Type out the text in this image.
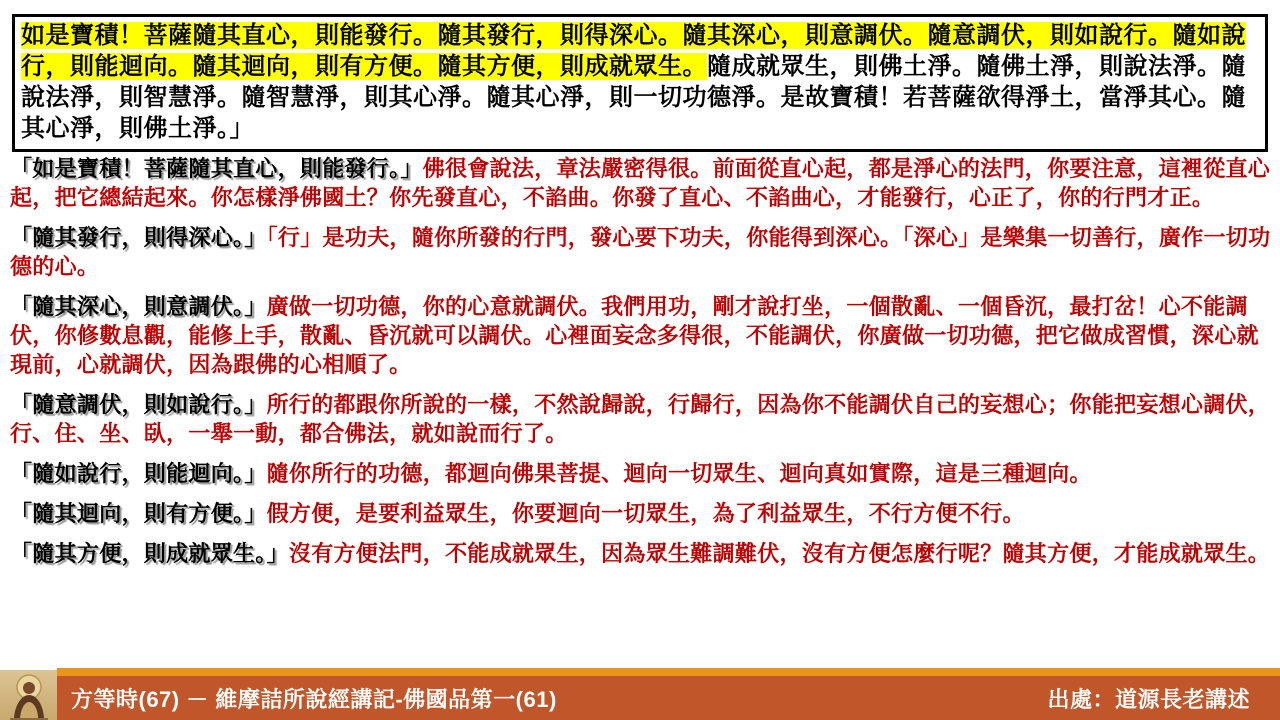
如是寶積！菩薩隨其直心，則能發行。隨其發行，則得深心。隨其深心，則意調伏。隨意調伏，則如說行。隨如說行，則能迴向。隨其迴向，則有方便。隨其方便，則成就眾生。隨成就眾生，則佛土淨。隨佛土淨，則說法淨。隨說法淨，則智慧淨。隨智慧淨，則其心淨。隨其心淨，則一切功德淨。是故寶積！若菩薩欲得淨土，當淨其心。隨其心淨，則佛土淨。」

「如是寶積！菩薩隨其直心，則能發行。」佛很會說法，章法嚴密得很。前面從直心起，都是淨心的法門，你要注意，這裡從直心起，把它總結起來。你怎樣淨佛國土？你先發直心，不諂曲。你發了直心、不諂曲心，才能發行，心正了，你的行門才正。

「隨其發行，則得深心。」「行」是功夫，隨你所發的行門，發心要下功夫，你能得到深心。「深心」是樂集一切善行，廣作一切功德的心。

「隨其深心，則意調伏。」廣做一切功德，你的心意就調伏。我們用功，剛才說打坐，一個散亂、一個昏沉，最打岔！心不能調伏，你修數息觀，能修上手，散亂、昏沉就可以調伏。心裡面妄念多得很，不能調伏，你廣做一切功德，把它做成習慣，深心就現前，心就調伏，因為跟佛的心相順了。

「隨意調伏，則如說行。」所行的都跟你所說的一樣，不然說歸說，行歸行，因為你不能調伏自己的妄想心；你能把妄想心調伏，行、住、坐、臥，一舉一動，都合佛法，就如說而行了。

「隨如說行，則能迴向。」隨你所行的功德，都迴向佛果菩提、迴向一切眾生、迴向真如實際，這是三種迴向。

「隨其迴向，則有方便。」假方便，是要利益眾生，你要迴向一切眾生，為了利益眾生，不行方便不行。

「隨其方便，則成就眾生。」沒有方便法門，不能成就眾生，因為眾生難調難伏，沒有方便怎麼行呢？隨其方便，才能成就眾生。

方等時(67) － 維摩詰所說經講記-佛國品第一(61)	出處：道源長老講述
